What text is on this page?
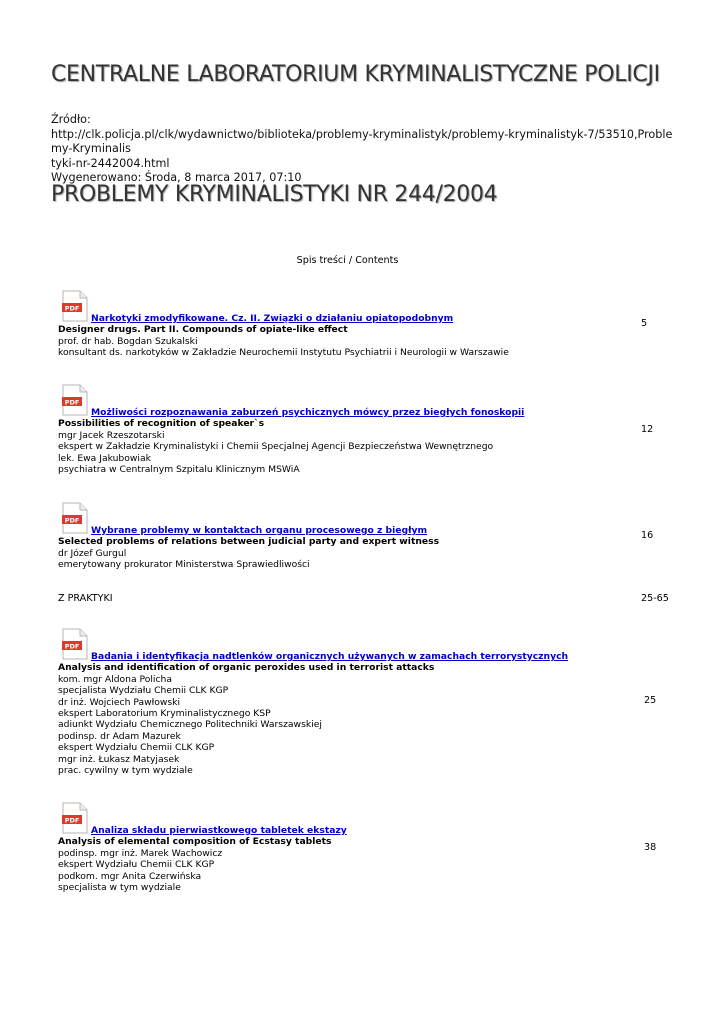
CENTRALNE LABORATORIUM KRYMINALISTYCZNE POLICJI
Źródło:
http://clk.policja.pl/clk/wydawnictwo/biblioteka/problemy-kryminalistyk/problemy-kryminalistyk-7/53510,Problemy-Kryminalis
tyki-nr-2442004.html
Wygenerowano: Środa, 8 marca 2017, 07:10
PROBLEMY KRYMINALISTYKI NR 244/2004
Spis treści / Contents
PDF
Narkotyki zmodyfikowane. Cz. II. Związki o działaniu opiatopodobnym
Designer drugs. Part II. Compounds of opiate-like effect
prof. dr hab. Bogdan Szukalski
konsultant ds. narkotyków w Zakładzie Neurochemii Instytutu Psychiatrii i Neurologii w Warszawie
5
PDF
Możliwości rozpoznawania zaburzeń psychicznych mówcy przez biegłych fonoskopii
Possibilities of recognition of speaker`s
mgr Jacek Rzeszotarski
ekspert w Zakładzie Kryminalistyki i Chemii Specjalnej Agencji Bezpieczeństwa Wewnętrznego
lek. Ewa Jakubowiak
psychiatra w Centralnym Szpitalu Klinicznym MSWiA
12
PDF
Wybrane problemy w kontaktach organu procesowego z biegłym
Selected problems of relations between judicial party and expert witness
dr Józef Gurgul
emerytowany prokurator Ministerstwa Sprawiedliwości
16
Z PRAKTYKI	25-65
PDF
Badania i identyfikacja nadtlenków organicznych używanych w zamachach terrorystycznych
Analysis and identification of organic peroxides used in terrorist attacks
kom. mgr Aldona Policha
specjalista Wydziału Chemii CLK KGP
dr inż. Wojciech Pawłowski
ekspert Laboratorium Kryminalistycznego KSP
adiunkt Wydziału Chemicznego Politechniki Warszawskiej
podinsp. dr Adam Mazurek
ekspert Wydziału Chemii CLK KGP
mgr inż. Łukasz Matyjasek
prac. cywilny w tym wydziale
25
PDF
Analiza składu pierwiastkowego tabletek ekstazy
Analysis of elemental composition of Ecstasy tablets
podinsp. mgr inż. Marek Wachowicz
ekspert Wydziału Chemii CLK KGP
podkom. mgr Anita Czerwińska
specjalista w tym wydziale
38
